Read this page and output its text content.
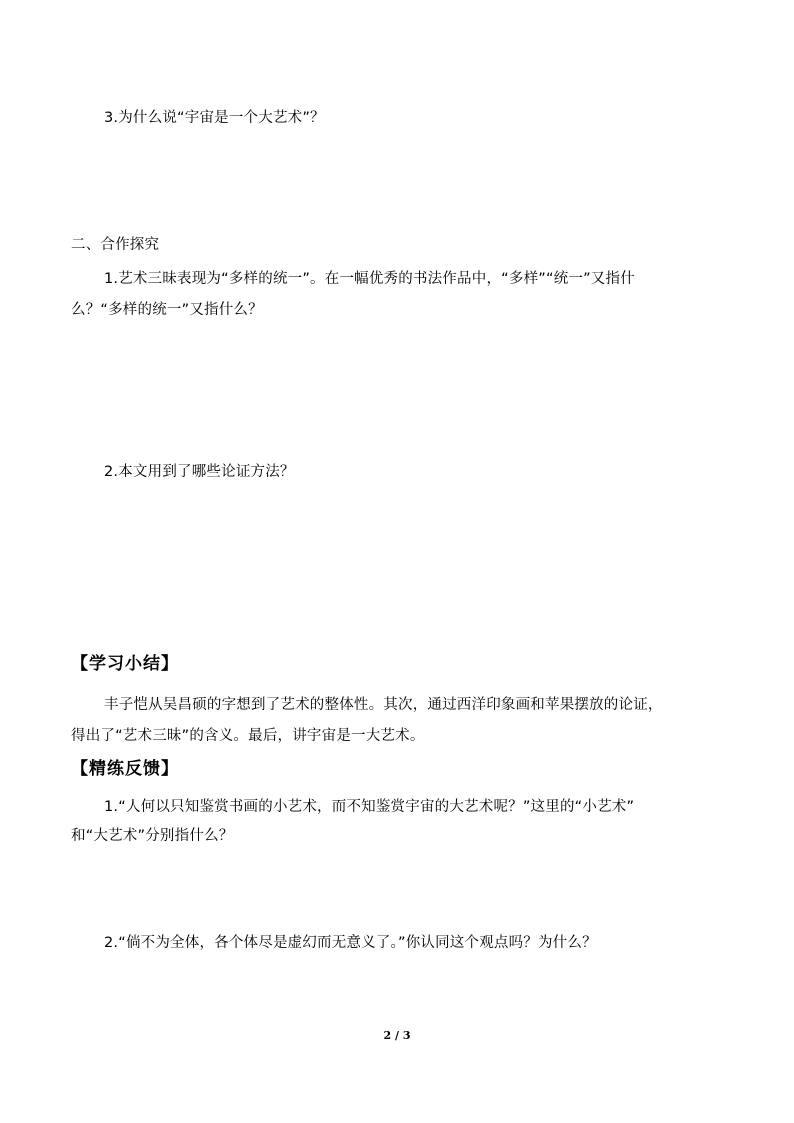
3.为什么说“宇宙是一个大艺术”？
二、合作探究
1.艺术三昧表现为“多样的统一”。在一幅优秀的书法作品中，“多样”“统一”又指什
么？“多样的统一”又指什么？
2.本文用到了哪些论证方法？
【学习小结】
丰子恺从吴昌硕的字想到了艺术的整体性。其次，通过西洋印象画和苹果摆放的论证，
得出了“艺术三昧”的含义。最后，讲宇宙是一大艺术。
【精练反馈】
1.“人何以只知鉴赏书画的小艺术，而不知鉴赏宇宙的大艺术呢？”这里的“小艺术”
和“大艺术”分别指什么？
2.“倘不为全体，各个体尽是虚幻而无意义了。”你认同这个观点吗？为什么？
2 / 3
